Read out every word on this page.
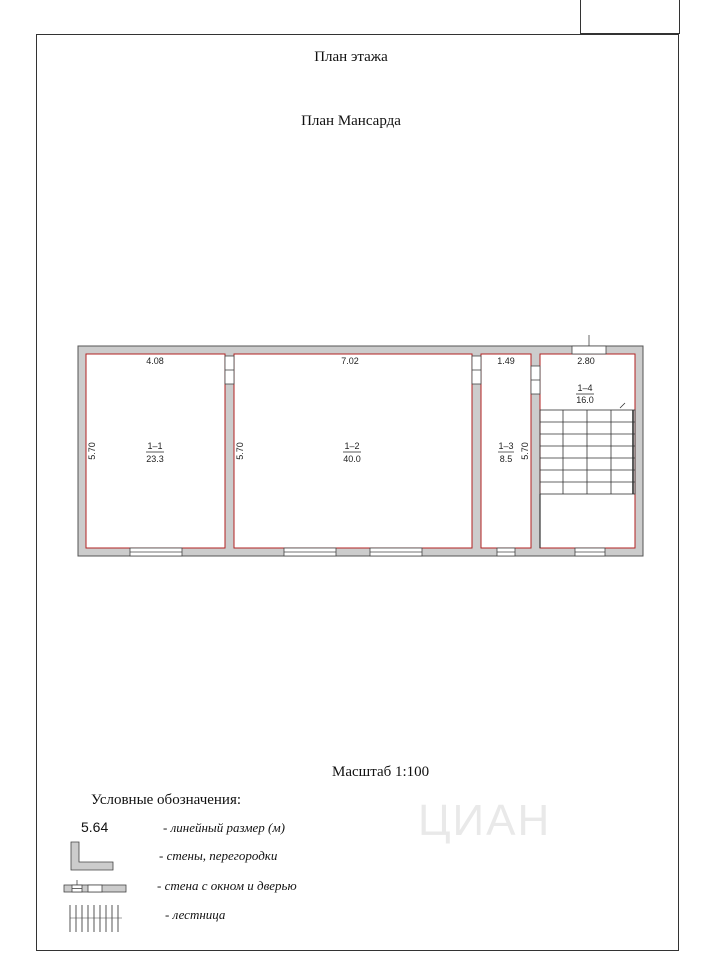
План этажа
План Мансарда
4.08	7.02	1.49	2.80
5.70	5.70	5.70
1–1
23.3
1–2
40.0
1–3
8.5
1–4
16.0
Масштаб 1:100
ЦИАН
Условные обозначения:
5.64	- линейный размер (м)
- стены, перегородки
- стена с окном и дверью
- лестница
